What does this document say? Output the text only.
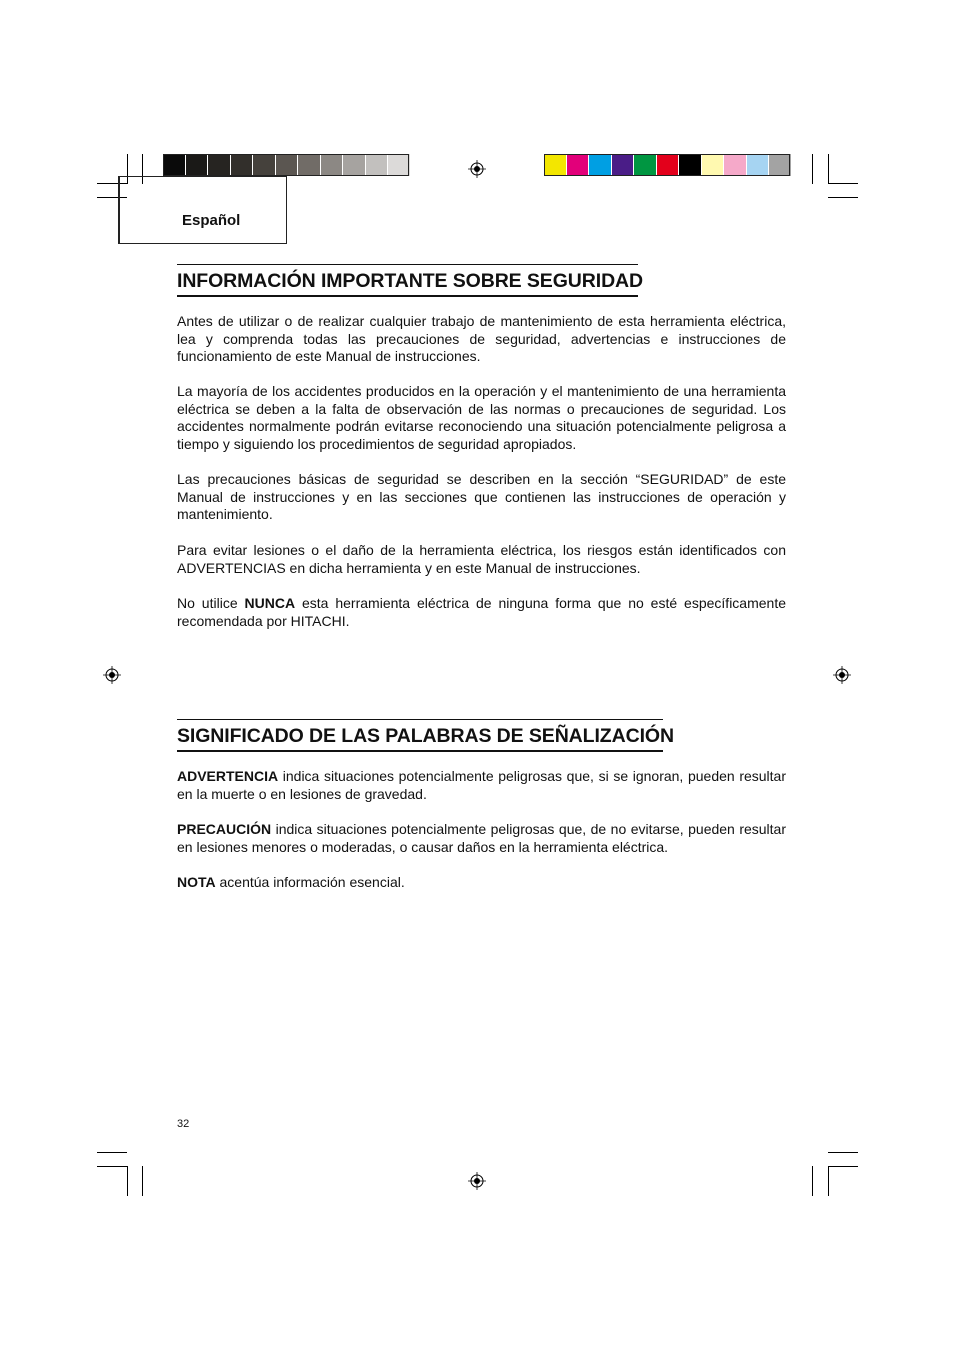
Español
INFORMACIÓN IMPORTANTE SOBRE SEGURIDAD
Antes de utilizar o de realizar cualquier trabajo de mantenimiento de esta herramienta eléctrica, lea y comprenda todas las precauciones de seguridad, advertencias e instrucciones de funcionamiento de este Manual de instrucciones.
La mayoría de los accidentes producidos en la operación y el mantenimiento de una herramienta eléctrica se deben a la falta de observación de las normas o precauciones de seguridad. Los accidentes normalmente podrán evitarse reconociendo una situación potencialmente peligrosa a tiempo y siguiendo los procedimientos de seguridad apropiados.
Las precauciones básicas de seguridad se describen en la sección “SEGURIDAD” de este Manual de instrucciones y en las secciones que contienen las instrucciones de operación y mantenimiento.
Para evitar lesiones o el daño de la herramienta eléctrica, los riesgos están identificados con ADVERTENCIAS en dicha herramienta y en este Manual de instrucciones.
No utilice NUNCA esta herramienta eléctrica de ninguna forma que no esté específicamente recomendada por HITACHI.
SIGNIFICADO DE LAS PALABRAS DE SEÑALIZACIÓN
ADVERTENCIA indica situaciones potencialmente peligrosas que, si se ignoran, pueden resultar en la muerte o en lesiones de gravedad.
PRECAUCIÓN indica situaciones potencialmente peligrosas que, de no evitarse, pueden resultar en lesiones menores o moderadas, o causar daños en la herramienta eléctrica.
NOTA acentúa información esencial.
32
